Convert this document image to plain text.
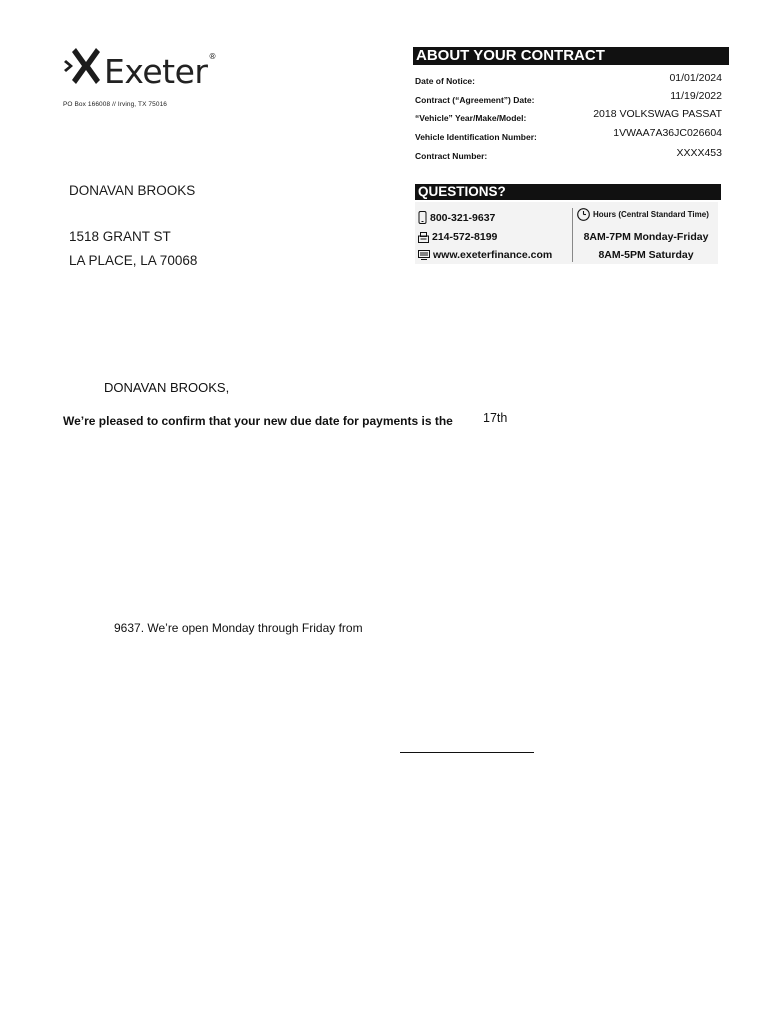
Exeter®
PO Box 166008 // Irving, TX 75016
DONAVAN BROOKS
1518 GRANT ST
LA PLACE, LA 70068
ABOUT YOUR CONTRACT
Date of Notice:	01/01/2024
Contract (“Agreement”) Date:	11/19/2022
“Vehicle” Year/Make/Model:	2018 VOLKSWAG PASSAT
Vehicle Identification Number:	1VWAA7A36JC026604
Contract Number:	XXXX453
QUESTIONS?
800-321-9637
214-572-8199
www.exeterfinance.com
Hours (Central Standard Time)
8AM-7PM Monday-Friday
8AM-5PM Saturday
DONAVAN BROOKS,
We’re pleased to confirm that your new due date for payments is the 17th
9637. We’re open Monday through Friday from
